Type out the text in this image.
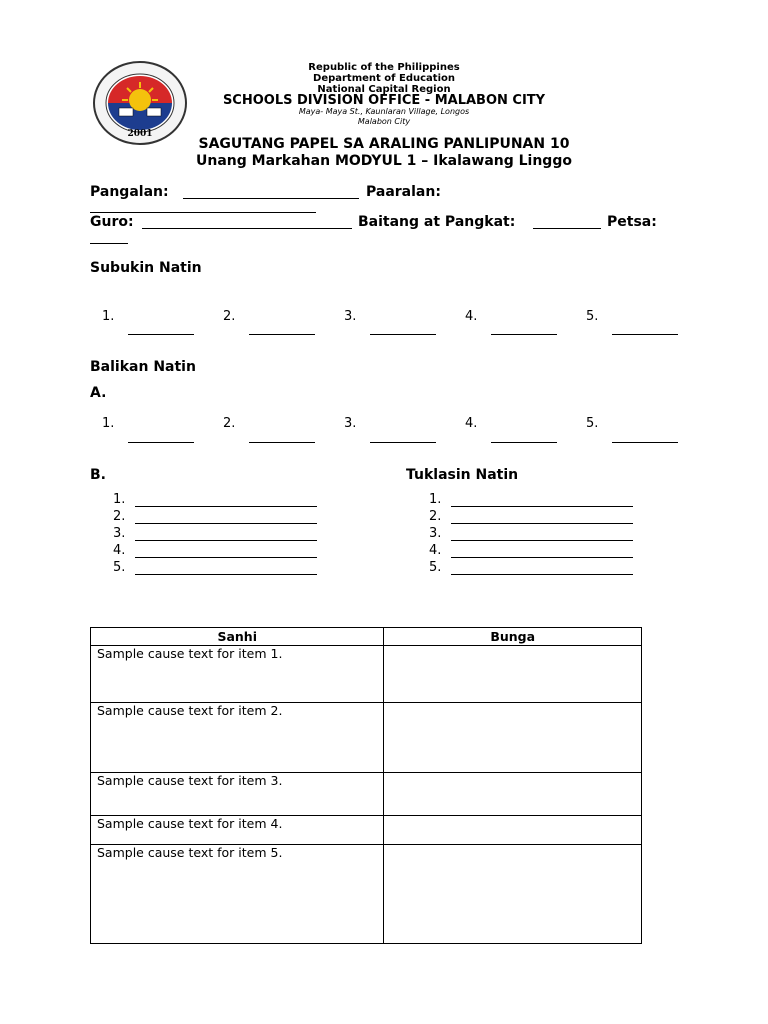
2001
Republic of the Philippines
Department of Education
National Capital Region
SCHOOLS DIVISION OFFICE - MALABON CITY
Maya- Maya St., Kaunlaran Village, Longos
Malabon City
SAGUTANG PAPEL SA ARALING PANLIPUNAN 10
Unang Markahan MODYUL 1 – Ikalawang Linggo
Pangalan:	Paaralan:
Guro:	Baitang at Pangkat:	Petsa:
Subukin Natin
1.	2.	3.	4.	5.
Balikan Natin
A.
1.	2.	3.	4.	5.
B.	Tuklasin Natin
1.
2.
3.
4.
5.
1.
2.
3.
4.
5.
Sanhi	Bunga
Sample cause text for item 1.	
Sample cause text for item 2.	
Sample cause text for item 3.	
Sample cause text for item 4.	
Sample cause text for item 5.	
